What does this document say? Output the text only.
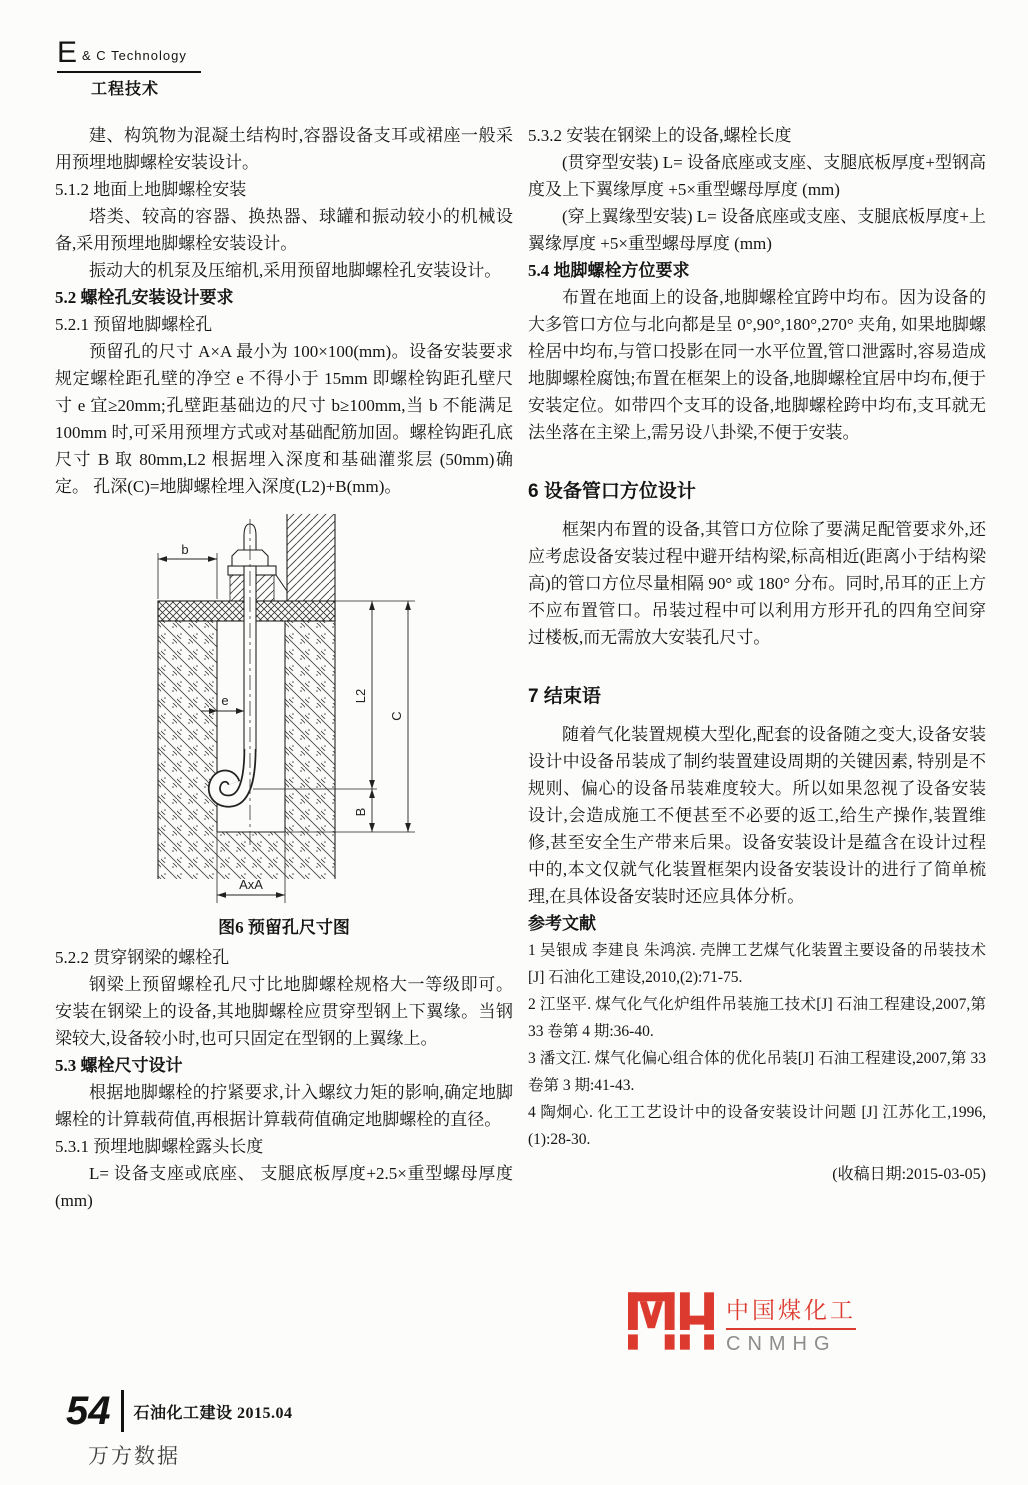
E & C Technology
工程技术

建、构筑物为混凝土结构时,容器设备支耳或裙座一般采用预埋地脚螺栓安装设计。

5.1.2 地面上地脚螺栓安装

塔类、较高的容器、换热器、球罐和振动较小的机械设备,采用预埋地脚螺栓安装设计。

振动大的机泵及压缩机,采用预留地脚螺栓孔安装设计。

5.2 螺栓孔安装设计要求

5.2.1 预留地脚螺栓孔

预留孔的尺寸 A×A 最小为 100×100(mm)。设备安装要求规定螺栓距孔壁的净空 e 不得小于 15mm 即螺栓钩距孔壁尺寸 e 宜≥20mm;孔壁距基础边的尺寸 b≥100mm,当 b 不能满足 100mm 时,可采用预埋方式或对基础配筋加固。螺栓钩距孔底尺寸 B 取 80mm,L2 根据埋入深度和基础灌浆层 (50mm)确定。 孔深(C)=地脚螺栓埋入深度(L2)+B(mm)。

5.2.2 贯穿钢梁的螺栓孔

钢梁上预留螺栓孔尺寸比地脚螺栓规格大一等级即可。安装在钢梁上的设备,其地脚螺栓应贯穿型钢上下翼缘。当钢梁较大,设备较小时,也可只固定在型钢的上翼缘上。

5.3 螺栓尺寸设计

根据地脚螺栓的拧紧要求,计入螺纹力矩的影响,确定地脚螺栓的计算载荷值,再根据计算载荷值确定地脚螺栓的直径。

5.3.1 预埋地脚螺栓露头长度

L= 设备支座或底座、 支腿底板厚度+2.5×重型螺母厚度 (mm)

5.3.2 安装在钢梁上的设备,螺栓长度

(贯穿型安装) L= 设备底座或支座、支腿底板厚度+型钢高度及上下翼缘厚度 +5×重型螺母厚度 (mm)

(穿上翼缘型安装) L= 设备底座或支座、支腿底板厚度+上翼缘厚度 +5×重型螺母厚度 (mm)

5.4 地脚螺栓方位要求

布置在地面上的设备,地脚螺栓宜跨中均布。因为设备的大多管口方位与北向都是呈 0°,90°,180°,270° 夹角, 如果地脚螺栓居中均布,与管口投影在同一水平位置,管口泄露时,容易造成地脚螺栓腐蚀;布置在框架上的设备,地脚螺栓宜居中均布,便于安装定位。如带四个支耳的设备,地脚螺栓跨中均布,支耳就无法坐落在主梁上,需另设八卦梁,不便于安装。

6 设备管口方位设计

框架内布置的设备,其管口方位除了要满足配管要求外,还应考虑设备安装过程中避开结构梁,标高相近(距离小于结构梁高)的管口方位尽量相隔 90° 或 180° 分布。同时,吊耳的正上方不应布置管口。吊装过程中可以利用方形开孔的四角空间穿过楼板,而无需放大安装孔尺寸。

7 结束语

随着气化装置规模大型化,配套的设备随之变大,设备安装设计中设备吊装成了制约装置建设周期的关键因素, 特别是不规则、偏心的设备吊装难度较大。所以如果忽视了设备安装设计,会造成施工不便甚至不必要的返工,给生产操作,装置维修,甚至安全生产带来后果。设备安装设计是蕴含在设计过程中的,本文仅就气化装置框架内设备安装设计的进行了简单梳理,在具体设备安装时还应具体分析。

参考文献

1 吴银成 李建良 朱鸿滨. 壳牌工艺煤气化装置主要设备的吊装技术[J] 石油化工建设,2010,(2):71-75.

2 江坚平. 煤气化气化炉组件吊装施工技术[J] 石油工程建设,2007,第33 卷第 4 期:36-40.

3 潘文江. 煤气化偏心组合体的优化吊装[J] 石油工程建设,2007,第 33卷第 3 期:41-43.

4 陶炯心. 化工工艺设计中的设备安装设计问题 [J] 江苏化工,1996,(1):28-30.

(收稿日期:2015-03-05)

b
e	L2
B
C
AxA
图6 预留孔尺寸图
中国煤化工
CNMHG
54 石油化工建设 2015.04
万方数据
